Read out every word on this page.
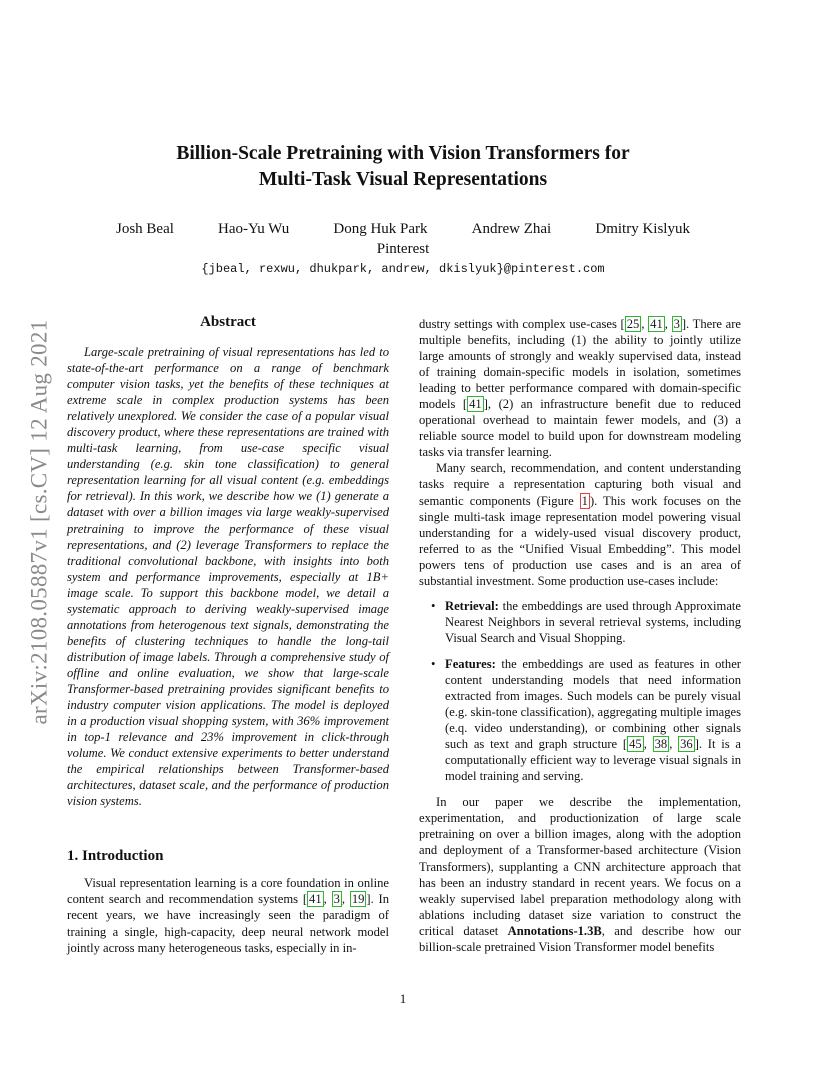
arXiv:2108.05887v1 [cs.CV] 12 Aug 2021
Billion-Scale Pretraining with Vision Transformers for
Multi-Task Visual Representations
Josh Beal	Hao-Yu Wu	Dong Huk Park	Andrew Zhai	Dmitry Kislyuk
Pinterest
{jbeal, rexwu, dhukpark, andrew, dkislyuk}@pinterest.com
Abstract

Large-scale pretraining of visual representations has led to state-of-the-art performance on a range of benchmark computer vision tasks, yet the benefits of these techniques at extreme scale in complex production systems has been relatively unexplored. We consider the case of a popular visual discovery product, where these representations are trained with multi-task learning, from use-case specific visual understanding (e.g. skin tone classification) to general representation learning for all visual content (e.g. embeddings for retrieval). In this work, we describe how we (1) generate a dataset with over a billion images via large weakly-supervised pretraining to improve the performance of these visual representations, and (2) leverage Transformers to replace the traditional convolutional backbone, with insights into both system and performance improvements, especially at 1B+ image scale. To support this backbone model, we detail a systematic approach to deriving weakly-supervised image annotations from heterogenous text signals, demonstrating the benefits of clustering techniques to handle the long-tail distribution of image labels. Through a comprehensive study of offline and online evaluation, we show that large-scale Transformer-based pretraining provides significant benefits to industry computer vision applications. The model is deployed in a production visual shopping system, with 36% improvement in top-1 relevance and 23% improvement in click-through volume. We conduct extensive experiments to better understand the empirical relationships between Transformer-based architectures, dataset scale, and the performance of production vision systems.

1. Introduction

Visual representation learning is a core foundation in online content search and recommendation systems [ 41 , 3 , 19 ]. In recent years, we have increasingly seen the paradigm of training a single, high-capacity, deep neural network model jointly across many heterogeneous tasks, especially in in-

dustry settings with complex use-cases [ 25 , 41 , 3 ]. There are multiple benefits, including (1) the ability to jointly utilize large amounts of strongly and weakly supervised data, instead of training domain-specific models in isolation, sometimes leading to better performance compared with domain-specific models [ 41 ], (2) an infrastructure benefit due to reduced operational overhead to maintain fewer models, and (3) a reliable source model to build upon for downstream modeling tasks via transfer learning.

Many search, recommendation, and content understanding tasks require a representation capturing both visual and semantic components (Figure 1 ). This work focuses on the single multi-task image representation model powering visual understanding for a widely-used visual discovery product, referred to as the “Unified Visual Embedding”. This model powers tens of production use cases and is an area of substantial investment. Some production use-cases include:

• Retrieval: the embeddings are used through Approximate Nearest Neighbors in several retrieval systems, including Visual Search and Visual Shopping.
• Features: the embeddings are used as features in other content understanding models that need information extracted from images. Such models can be purely visual (e.g. skin-tone classification), aggregating multiple images (e.q. video understanding), or combining other signals such as text and graph structure [ 45 , 38 , 36 ]. It is a computationally efficient way to leverage visual signals in model training and serving.

In our paper we describe the implementation, experimentation, and productionization of large scale pretraining on over a billion images, along with the adoption and deployment of a Transformer-based architecture (Vision Transformers), supplanting a CNN architecture approach that has been an industry standard in recent years. We focus on a weakly supervised label preparation methodology along with ablations including dataset size variation to construct the critical dataset Annotations-1.3B, and describe how our billion-scale pretrained Vision Transformer model benefits

1
